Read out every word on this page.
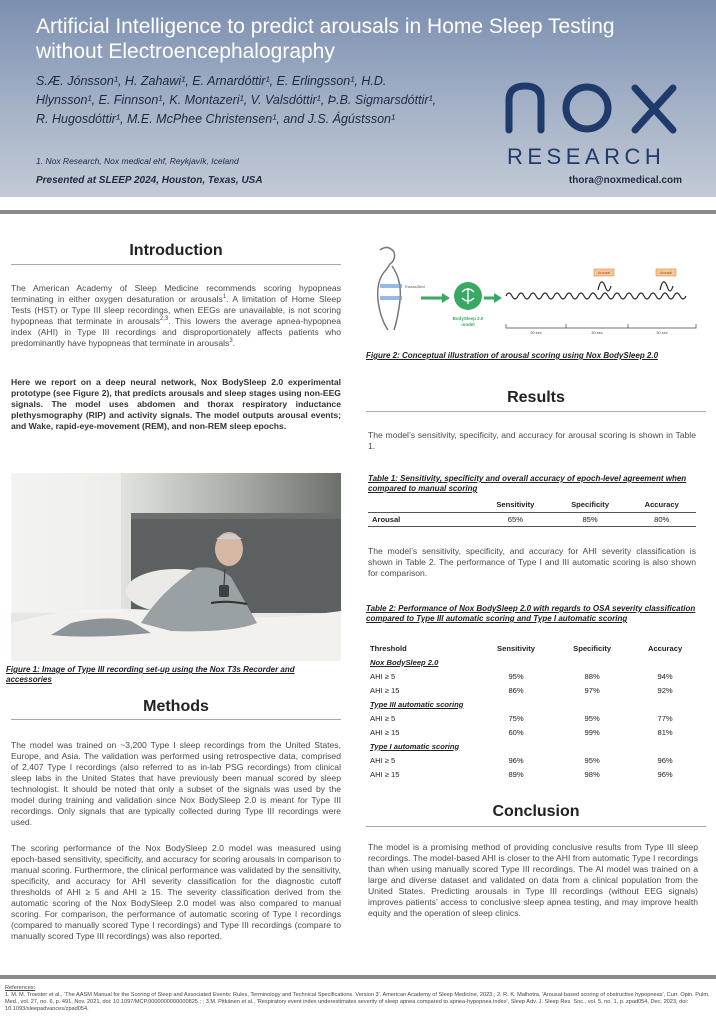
Artificial Intelligence to predict arousals in Home Sleep Testing without Electroencephalography
S.Æ. Jónsson¹, H. Zahawi¹, E. Arnardóttir¹, E. Erlingsson¹, H.D.
Hlynsson¹, E. Finnson¹, K. Montazeri¹, V. Valsdóttir¹, Þ.B. Sigmarsdóttir¹,
R. Hugosdóttir¹, M.E. McPhee Christensen¹, and J.S. Ágústsson¹
1. Nox Research, Nox medical ehf, Reykjavík, Iceland
Presented at SLEEP 2024, Houston, Texas, USA	thora@noxmedical.com
RESEARCH
Introduction

The American Academy of Sleep Medicine recommends scoring hypopneas terminating in either oxygen desaturation or arousals$^1$. A limitation of Home Sleep Tests (HST) or Type III sleep recordings, when EEGs are unavailable, is not scoring hypopneas that terminate in arousals$^{2,3}$. This lowers the average apnea-hypopnea index (AHI) in Type III recordings and disproportionately affects patients who predominantly have hypopneas that terminate in arousals$^3$.

Here we report on a deep neural network, Nox BodySleep 2.0 experimental prototype (see Figure 2), that predicts arousals and sleep stages using non-EEG signals. The model uses abdomen and thorax respiratory inductance plethysmography (RIP) and activity signals. The model outputs arousal events; and Wake, rapid-eye-movement (REM), and non-REM sleep epochs.

Figure 1: Image of Type III recording set-up using the Nox T3s Recorder and accessories
Methods

The model was trained on ~3,200 Type I sleep recordings from the United States, Europe, and Asia. The validation was performed using retrospective data, comprised of 2,407 Type I recordings (also referred to as in-lab PSG recordings) from clinical sleep labs in the United States that have previously been manual scored by sleep technologist. It should be noted that only a subset of the signals was used by the model during training and validation since Nox BodySleep 2.0 is meant for Type III recordings. Only signals that are typically collected during Type III recordings were used.

The scoring performance of the Nox BodySleep 2.0 model was measured using epoch-based sensitivity, specificity, and accuracy for scoring arousals in comparison to manual scoring. Furthermore, the clinical performance was validated by the sensitivity, specificity, and accuracy for AHI severity classification for the diagnostic cutoff thresholds of AHI ≥ 5 and AHI ≥ 15. The severity classification derived from the automatic scoring of the Nox BodySleep 2.0 model was also compared to manual scoring. For comparison, the performance of automatic scoring of Type I recordings (compared to manually scored Type I recordings) and Type III recordings (compare to manually scored Type III recordings) was also reported.

Thorax/Abd
BodySleep 2.0
model
Arousal	Arousal
30 sec	30 sec	30 sec
Figure 2: Conceptual illustration of arousal scoring using Nox BodySleep 2.0
Results

The model’s sensitivity, specificity, and accuracy for arousal scoring is shown in Table 1.

Table 1: Sensitivity, specificity and overall accuracy of epoch-level agreement when compared to manual scoring
	Sensitivity	Specificity	Accuracy
Arousal	65%	85%	80%

The model’s sensitivity, specificity, and accuracy for AHI severity classification is shown in Table 2. The performance of Type I and III automatic scoring is also shown for comparison.

Table 2: Performance of Nox BodySleep 2.0 with regards to OSA severity classification compared to Type III automatic scoring and Type I automatic scoring
Threshold	Sensitivity	Specificity	Accuracy
Nox BodySleep 2.0			
AHI ≥ 5	95%	88%	94%
AHI ≥ 15	86%	97%	92%
Type III automatic scoring			
AHI ≥ 5	75%	95%	77%
AHI ≥ 15	60%	99%	81%
Type I automatic scoring			
AHI ≥ 5	96%	95%	96%
AHI ≥ 15	89%	98%	96%
Conclusion

The model is a promising method of providing conclusive results from Type III sleep recordings. The model-based AHI is closer to the AHI from automatic Type I recordings than when using manually scored Type III recordings. The AI model was trained on a large and diverse dataset and validated on data from a clinical population from the United States. Predicting arousals in Type III recordings (without EEG signals) improves patients’ access to conclusive sleep apnea testing, and may improve health equity and the operation of sleep clinics.

References:
1. M. M. Troester et al., 'The AASM Manual for the Scoring of Sleep and Associated Events: Rules, Terminology and Technical Specifications. Version 3'. American Academy of Sleep Medicine, 2023.; 2. R. K. Malhotra, 'Arousal-based scoring of obstructive hypopneas', Curr. Opin. Pulm. Med., vol. 27, no. 6, p. 491, Nov. 2021, doi: 10.1097/MCP.0000000000000825.; ; 3.M. Pitkänen et al., 'Respiratory event index underestimates severity of sleep apnea compared to apnea-hypopnea index', Sleep Adv. J. Sleep Res. Soc., vol. 5, no. 1, p. zpad054, Dec. 2023, doi: 10.1093/sleepadvances/zpad054.
